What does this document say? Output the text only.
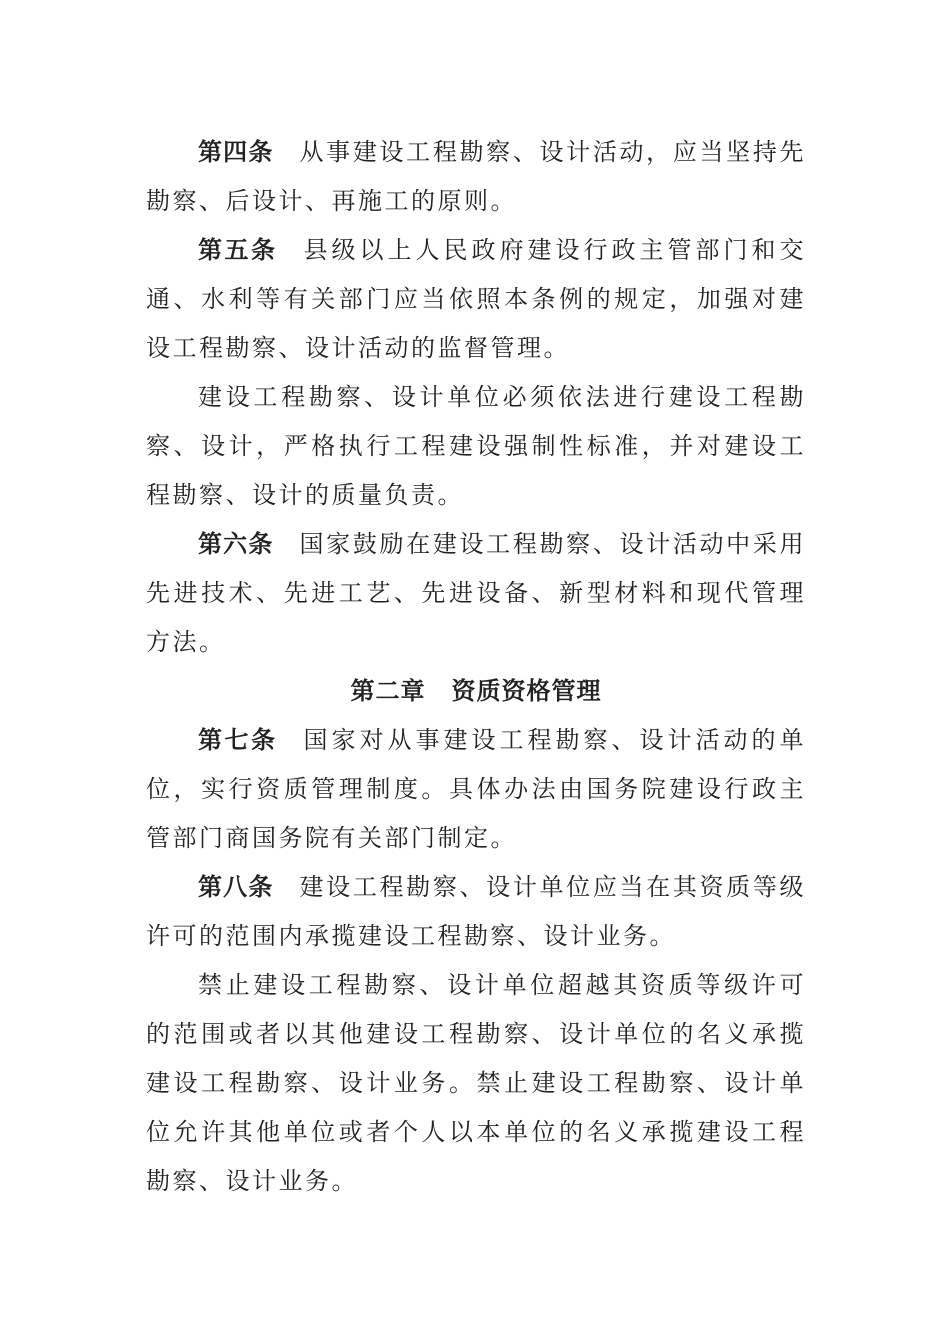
第四条 从事建设工程勘察、设计活动，应当坚持先勘察、后设计、再施工的原则。

第五条 县级以上人民政府建设行政主管部门和交通、水利等有关部门应当依照本条例的规定，加强对建设工程勘察、设计活动的监督管理。

建设工程勘察、设计单位必须依法进行建设工程勘察、设计，严格执行工程建设强制性标准，并对建设工程勘察、设计的质量负责。

第六条 国家鼓励在建设工程勘察、设计活动中采用先进技术、先进工艺、先进设备、新型材料和现代管理方法。

第二章 资质资格管理

第七条 国家对从事建设工程勘察、设计活动的单位，实行资质管理制度。具体办法由国务院建设行政主管部门商国务院有关部门制定。

第八条 建设工程勘察、设计单位应当在其资质等级许可的范围内承揽建设工程勘察、设计业务。

禁止建设工程勘察、设计单位超越其资质等级许可的范围或者以其他建设工程勘察、设计单位的名义承揽建设工程勘察、设计业务。禁止建设工程勘察、设计单位允许其他单位或者个人以本单位的名义承揽建设工程勘察、设计业务。
